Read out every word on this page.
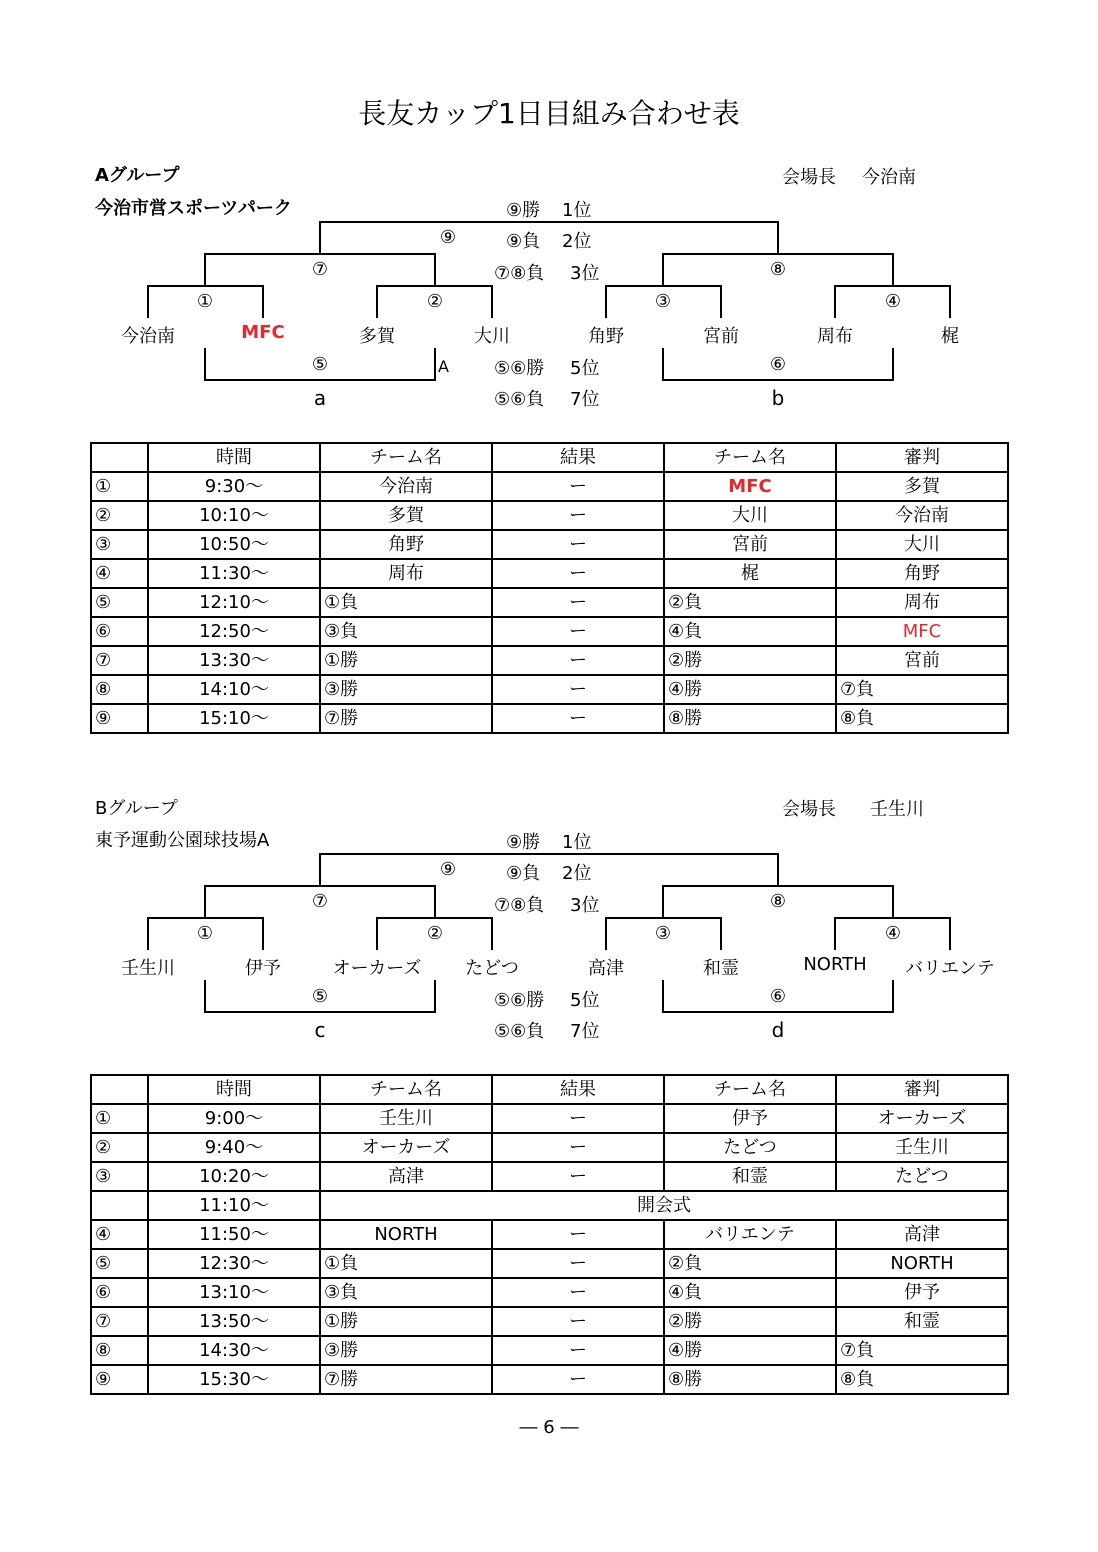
長友カップ1日目組み合わせ表
Aグループ
今治市営スポーツパーク
会場長 今治南
⑨
⑦	⑧
①	②	③	④
⑤	⑥
A
今治南	MFC	多賀	大川	角野	宮前	周布	梶
⑨勝 1位
⑨負 2位
⑦⑧負 3位
⑤⑥勝 5位
⑤⑥負 7位
a	b
	時間	チーム名	結果	チーム名	審判
①	9:30～	今治南	ー	MFC	多賀
②	10:10～	多賀	ー	大川	今治南
③	10:50～	角野	ー	宮前	大川
④	11:30～	周布	ー	梶	角野
⑤	12:10～	①負	ー	②負	周布
⑥	12:50～	③負	ー	④負	MFC
⑦	13:30～	①勝	ー	②勝	宮前
⑧	14:10～	③勝	ー	④勝	⑦負
⑨	15:10～	⑦勝	ー	⑧勝	⑧負
Bグループ
東予運動公園球技場A
会場長 壬生川
⑨
⑦	⑧
①	②	③	④
⑤	⑥
壬生川	伊予	オーカーズ たどつ	高津	和霊	NORTH バリエンテ
⑨勝 1位
⑨負 2位
⑦⑧負 3位
⑤⑥勝 5位
⑤⑥負 7位
c	d
	時間	チーム名	結果	チーム名	審判
①	9:00～	壬生川	ー	伊予	オーカーズ
②	9:40～	オーカーズ	ー	たどつ	壬生川
③	10:20～	高津	ー	和霊	たどつ
	11:10～	開会式			
④	11:50～	NORTH	ー	バリエンテ	高津
⑤	12:30～	①負	ー	②負	NORTH
⑥	13:10～	③負	ー	④負	伊予
⑦	13:50～	①勝	ー	②勝	和霊
⑧	14:30～	③勝	ー	④勝	⑦負
⑨	15:30～	⑦勝	ー	⑧勝	⑧負
― 6 ―
